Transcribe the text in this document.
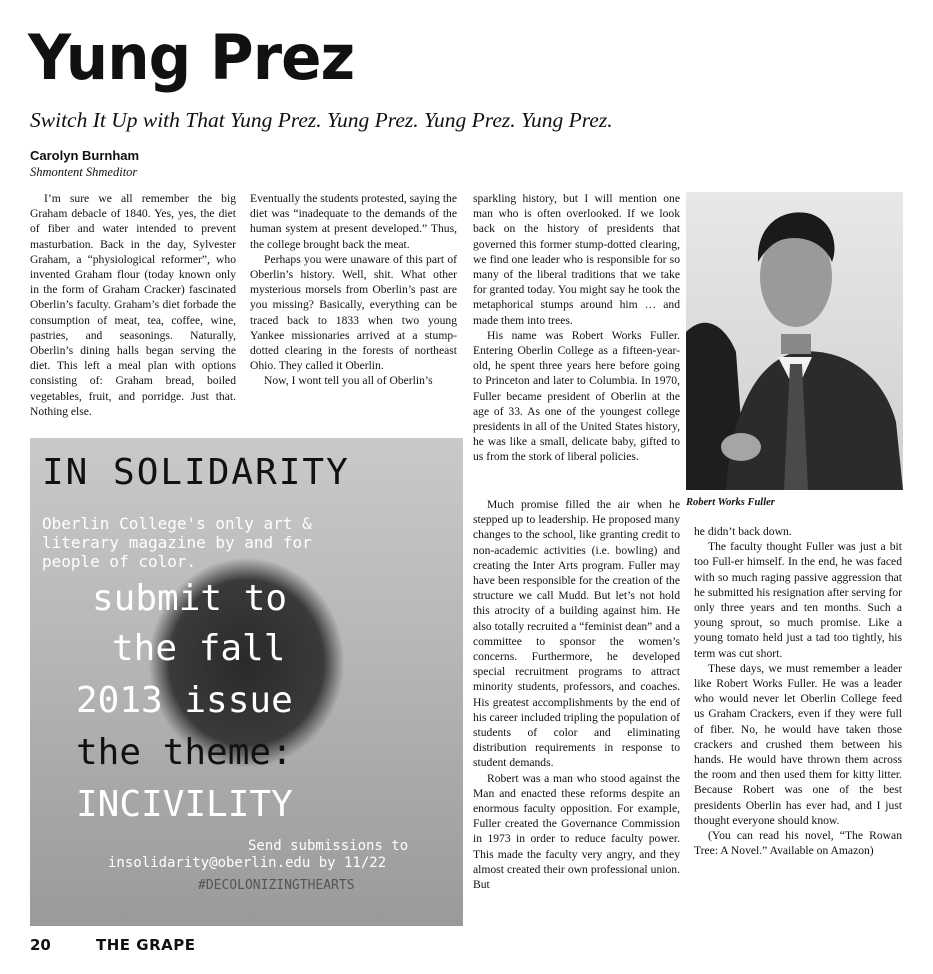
Yung Prez
Switch It Up with That Yung Prez. Yung Prez. Yung Prez. Yung Prez.
Carolyn Burnham
Shmontent Shmeditor

I’m sure we all remember the big Graham debacle of 1840. Yes, yes, the diet of fiber and water intended to prevent masturbation. Back in the day, Sylvester Graham, a “physiological reformer”, who invented Graham flour (today known only in the form of Graham Cracker) fascinated Oberlin’s faculty. Graham’s diet forbade the consumption of meat, tea, coffee, wine, pastries, and seasonings. Naturally, Oberlin’s dining halls began serving the diet. This left a meal plan with options consisting of: Graham bread, boiled vegetables, fruit, and porridge. Just that. Nothing else.

Eventually the students protested, saying the diet was “inadequate to the demands of the human system at present developed.” Thus, the college brought back the meat.

Perhaps you were unaware of this part of Oberlin’s history. Well, shit. What other mysterious morsels from Oberlin’s past are you missing? Basically, everything can be traced back to 1833 when two young Yankee missionaries arrived at a stump-dotted clearing in the forests of northeast Ohio. They called it Oberlin.

Now, I wont tell you all of Oberlin’s

sparkling history, but I will mention one man who is often overlooked. If we look back on the history of presidents that governed this former stump-dotted clearing, we find one leader who is responsible for so many of the liberal traditions that we take for granted today. You might say he took the metaphorical stumps around him … and made them into trees.

His name was Robert Works Fuller. Entering Oberlin College as a fifteen-year-old, he spent three years here before going to Princeton and later to Columbia. In 1970, Fuller became president of Oberlin at the age of 33. As one of the youngest college presidents in all of the United States history, he was like a small, delicate baby, gifted to us from the stork of liberal policies.

Robert Works Fuller

Much promise filled the air when he stepped up to leadership. He proposed many changes to the school, like granting credit to non-academic activities (i.e. bowling) and creating the Inter Arts program. Fuller may have been responsible for the creation of the structure we call Mudd. But let’s not hold this atrocity of a building against him. He also totally recruited a “feminist dean” and a committee to sponsor the women’s concerns. Furthermore, he developed special recruitment programs to attract minority students, professors, and coaches. His greatest accomplishments by the end of his career included tripling the population of students of color and eliminating distribution requirements in response to student demands.

Robert was a man who stood against the Man and enacted these reforms despite an enormous faculty opposition. For example, Fuller created the Governance Commission in 1973 in order to reduce faculty power. This made the faculty very angry, and they almost created their own professional union. But

he didn’t back down.

The faculty thought Fuller was just a bit too Full-er himself. In the end, he was faced with so much raging passive aggression that he submitted his resignation after serving for only three years and ten months. Such a young sprout, so much promise. Like a young tomato held just a tad too tightly, his term was cut short.

These days, we must remember a leader like Robert Works Fuller. He was a leader who would never let Oberlin College feed us Graham Crackers, even if they were full of fiber. No, he would have taken those crackers and crushed them between his hands. He would have thrown them across the room and then used them for kitty litter. Because Robert was one of the best presidents Oberlin has ever had, and I just thought everyone should know.

(You can read his novel, “The Rowan Tree: A Novel.” Available on Amazon)

IN SOLIDARITY
Oberlin College's only art &
literary magazine by and for
people of color.
submit to
the fall
2013 issue
the theme:
INCIVILITY
Send submissions to
insolidarity@oberlin.edu by 11/22
#DECOLONIZINGTHEARTS
20	THE GRAPE
